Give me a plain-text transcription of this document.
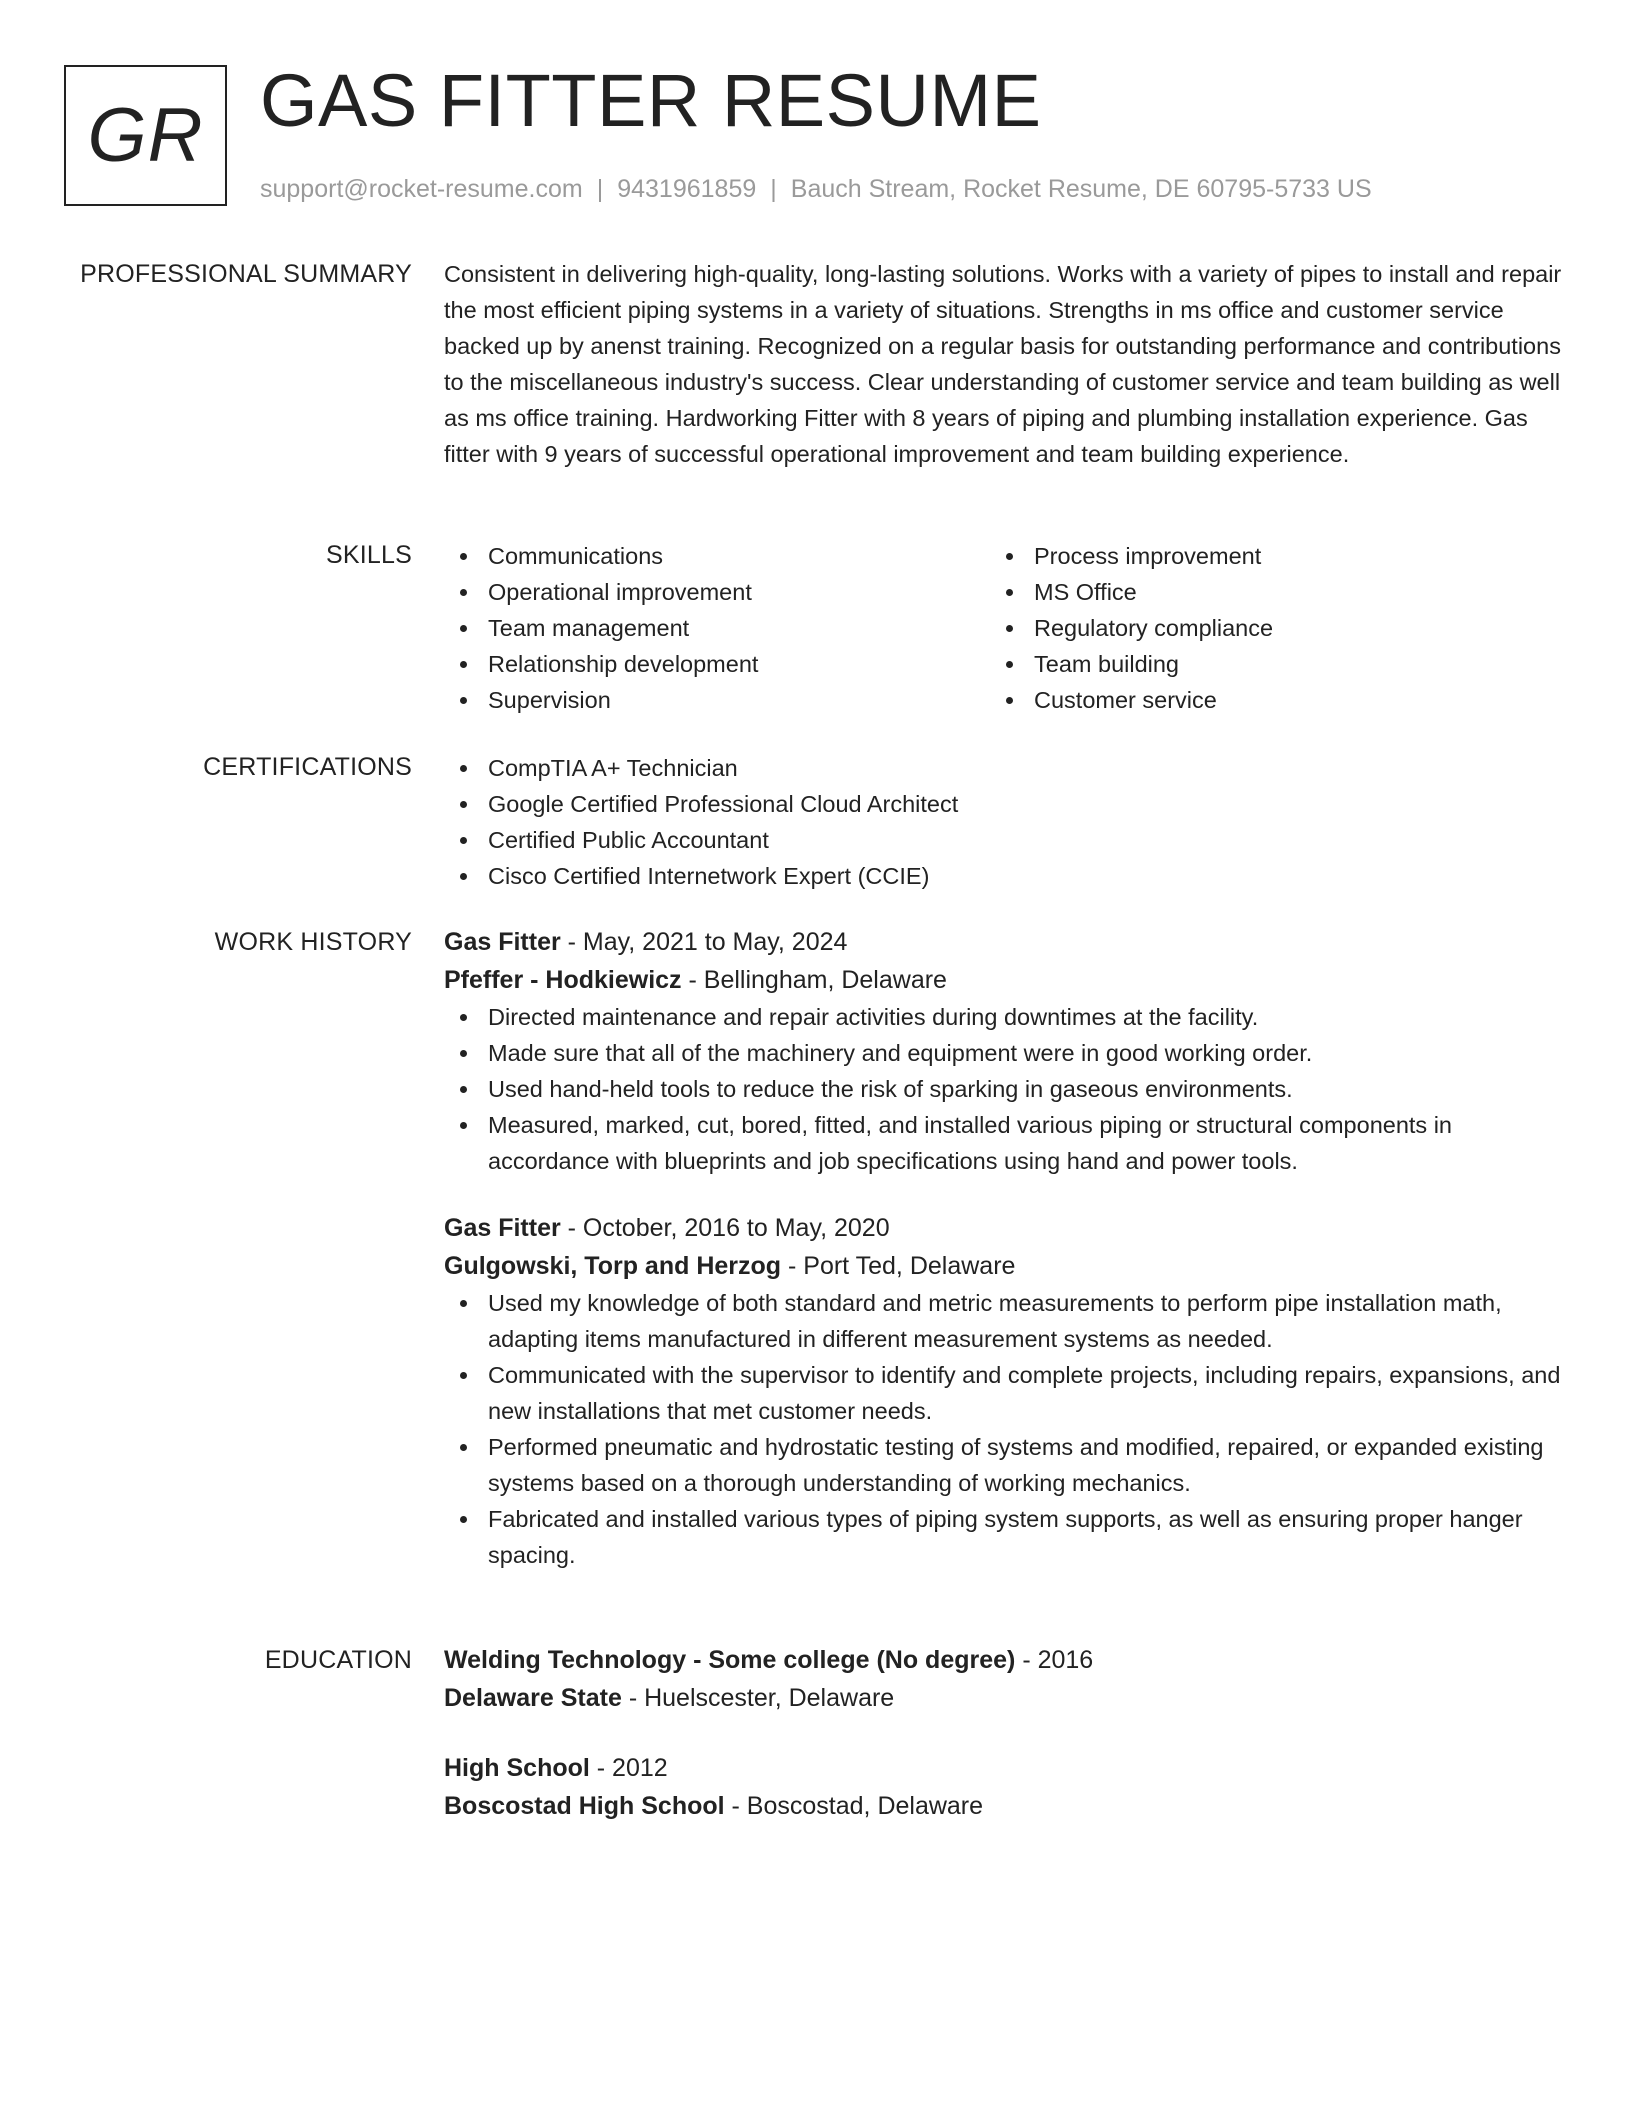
GR GAS FITTER RESUME
support@rocket-resume.com | 9431961859 | Bauch Stream, Rocket Resume, DE 60795-5733 US
PROFESSIONAL SUMMARY Consistent in delivering high-quality, long-lasting solutions. Works with a variety of pipes to install and repair the most efficient piping systems in a variety of situations. Strengths in ms office and customer service backed up by anenst training. Recognized on a regular basis for outstanding performance and contributions to the miscellaneous industry's success. Clear understanding of customer service and team building as well as ms office training. Hardworking Fitter with 8 years of piping and plumbing installation experience. Gas fitter with 9 years of successful operational improvement and team building experience.

SKILLS	Communications
Operational improvement
Team management
Relationship development
Supervision
Process improvement
MS Office
Regulatory compliance
Team building
Customer service
CERTIFICATIONS	CompTIA A+ Technician
Google Certified Professional Cloud Architect
Certified Public Accountant
Cisco Certified Internetwork Expert (CCIE)
WORK HISTORY Gas Fitter - May, 2021 to May, 2024
Pfeffer - Hodkiewicz - Bellingham, Delaware
Directed maintenance and repair activities during downtimes at the facility.
Made sure that all of the machinery and equipment were in good working order.
Used hand-held tools to reduce the risk of sparking in gaseous environments.
Measured, marked, cut, bored, fitted, and installed various piping or structural components in accordance with blueprints and job specifications using hand and power tools.
Gas Fitter - October, 2016 to May, 2020
Gulgowski, Torp and Herzog - Port Ted, Delaware
Used my knowledge of both standard and metric measurements to perform pipe installation math, adapting items manufactured in different measurement systems as needed.
Communicated with the supervisor to identify and complete projects, including repairs, expansions, and new installations that met customer needs.
Performed pneumatic and hydrostatic testing of systems and modified, repaired, or expanded existing systems based on a thorough understanding of working mechanics.
Fabricated and installed various types of piping system supports, as well as ensuring proper hanger spacing.
EDUCATION Welding Technology - Some college (No degree) - 2016
Delaware State - Huelscester, Delaware
High School - 2012
Boscostad High School - Boscostad, Delaware
